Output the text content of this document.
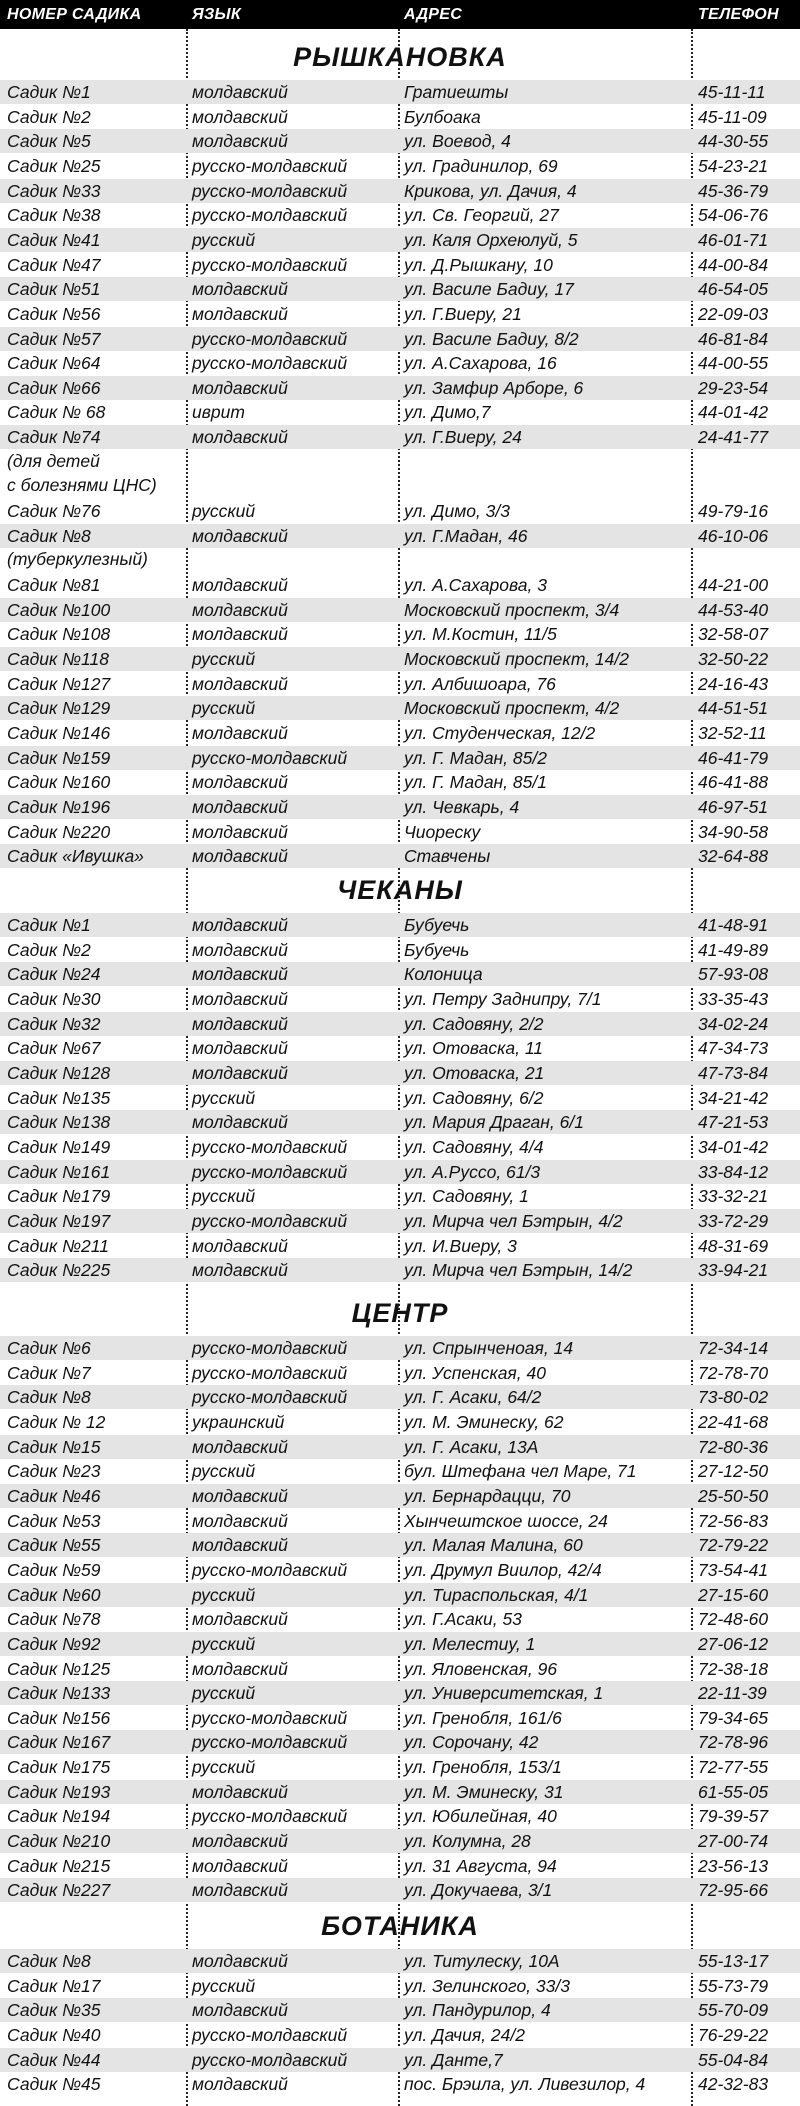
НОМЕР САДИКА	ЯЗЫК	АДРЕС	ТЕЛЕФОН
РЫШКАНОВКА
Садик №1	молдавский	Гратиешты	45-11-11
Садик №2	молдавский	Булбоака	45-11-09
Садик №5	молдавский	ул. Воевод, 4	44-30-55
Садик №25	русско-молдавский	ул. Градинилор, 69	54-23-21
Садик №33	русско-молдавский	Крикова, ул. Дачия, 4	45-36-79
Садик №38	русско-молдавский	ул. Св. Георгий, 27	54-06-76
Садик №41	русский	ул. Каля Орхеюлуй, 5	46-01-71
Садик №47	русско-молдавский	ул. Д.Рышкану, 10	44-00-84
Садик №51	молдавский	ул. Василе Бадиу, 17	46-54-05
Садик №56	молдавский	ул. Г.Виеру, 21	22-09-03
Садик №57	русско-молдавский	ул. Василе Бадиу, 8/2	46-81-84
Садик №64	русско-молдавский	ул. А.Сахарова, 16	44-00-55
Садик №66	молдавский	ул. Замфир Арборе, 6	29-23-54
Садик № 68	иврит	ул. Димо,7	44-01-42
Садик №74	молдавский	ул. Г.Виеру, 24	24-41-77
(для детей
с болезнями ЦНС)
Садик №76	русский	ул. Димо, 3/3	49-79-16
Садик №8	молдавский	ул. Г.Мадан, 46	46-10-06
(туберкулезный)
Садик №81	молдавский	ул. А.Сахарова, 3	44-21-00
Садик №100	молдавский	Московский проспект, 3/4	44-53-40
Садик №108	молдавский	ул. М.Костин, 11/5	32-58-07
Садик №118	русский	Московский проспект, 14/2	32-50-22
Садик №127	молдавский	ул. Албишоара, 76	24-16-43
Садик №129	русский	Московский проспект, 4/2	44-51-51
Садик №146	молдавский	ул. Студенческая, 12/2	32-52-11
Садик №159	русско-молдавский	ул. Г. Мадан, 85/2	46-41-79
Садик №160	молдавский	ул. Г. Мадан, 85/1	46-41-88
Садик №196	молдавский	ул. Чевкарь, 4	46-97-51
Садик №220	молдавский	Чиореску	34-90-58
Садик «Ивушка»	молдавский	Ставчены	32-64-88
ЧЕКАНЫ
Садик №1	молдавский	Бубуечь	41-48-91
Садик №2	молдавский	Бубуечь	41-49-89
Садик №24	молдавский	Колоница	57-93-08
Садик №30	молдавский	ул. Петру Заднипру, 7/1	33-35-43
Садик №32	молдавский	ул. Садовяну, 2/2	34-02-24
Садик №67	молдавский	ул. Отоваска, 11	47-34-73
Садик №128	молдавский	ул. Отоваска, 21	47-73-84
Садик №135	русский	ул. Садовяну, 6/2	34-21-42
Садик №138	молдавский	ул. Мария Драган, 6/1	47-21-53
Садик №149	русско-молдавский	ул. Садовяну, 4/4	34-01-42
Садик №161	русско-молдавский	ул. А.Руссо, 61/3	33-84-12
Садик №179	русский	ул. Садовяну, 1	33-32-21
Садик №197	русско-молдавский	ул. Мирча чел Бэтрын, 4/2	33-72-29
Садик №211	молдавский	ул. И.Виеру, 3	48-31-69
Садик №225	молдавский	ул. Мирча чел Бэтрын, 14/2	33-94-21
ЦЕНТР
Садик №6	русско-молдавский	ул. Спрынченоая, 14	72-34-14
Садик №7	русско-молдавский	ул. Успенская, 40	72-78-70
Садик №8	русско-молдавский	ул. Г. Асаки, 64/2	73-80-02
Садик № 12	украинский	ул. М. Эминеску, 62	22-41-68
Садик №15	молдавский	ул. Г. Асаки, 13А	72-80-36
Садик №23	русский	бул. Штефана чел Маре, 71	27-12-50
Садик №46	молдавский	ул. Бернардацци, 70	25-50-50
Садик №53	молдавский	Хынчештское шоссе, 24	72-56-83
Садик №55	молдавский	ул. Малая Малина, 60	72-79-22
Садик №59	русско-молдавский	ул. Друмул Виилор, 42/4	73-54-41
Садик №60	русский	ул. Тираспольская, 4/1	27-15-60
Садик №78	молдавский	ул. Г.Асаки, 53	72-48-60
Садик №92	русский	ул. Мелестиу, 1	27-06-12
Садик №125	молдавский	ул. Яловенская, 96	72-38-18
Садик №133	русский	ул. Университетская, 1	22-11-39
Садик №156	русско-молдавский	ул. Гренобля, 161/6	79-34-65
Садик №167	русско-молдавский	ул. Сорочану, 42	72-78-96
Садик №175	русский	ул. Гренобля, 153/1	72-77-55
Садик №193	молдавский	ул. М. Эминеску, 31	61-55-05
Садик №194	русско-молдавский	ул. Юбилейная, 40	79-39-57
Садик №210	молдавский	ул. Колумна, 28	27-00-74
Садик №215	молдавский	ул. 31 Августа, 94	23-56-13
Садик №227	молдавский	ул. Докучаева, 3/1	72-95-66
БОТАНИКА
Садик №8	молдавский	ул. Титулеску, 10А	55-13-17
Садик №17	русский	ул. Зелинского, 33/3	55-73-79
Садик №35	молдавский	ул. Пандурилор, 4	55-70-09
Садик №40	русско-молдавский	ул. Дачия, 24/2	76-29-22
Садик №44	русско-молдавский	ул. Данте,7	55-04-84
Садик №45	молдавский	пос. Брэила, ул. Ливезилор, 4	42-32-83
